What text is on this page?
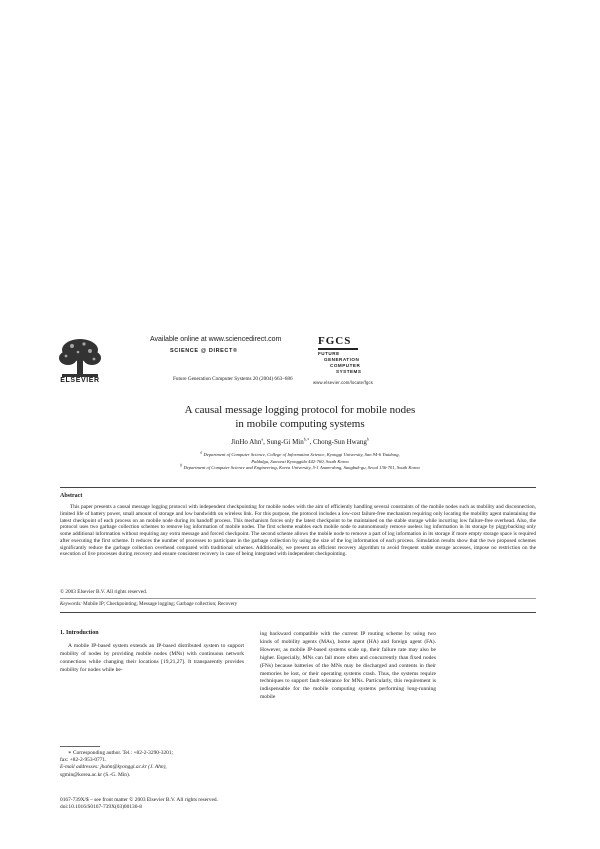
ELSEVIER
Available online at www.sciencedirect.com
SCIENCE @ DIRECT®
Future Generation Computer Systems 20 (2004) 663–686
FGCS
FUTURE
GENERATION
COMPUTER
SYSTEMS
www.elsevier.com/locate/fgcs
A causal message logging protocol for mobile nodes
in mobile computing systems
JinHo Ahn$^a$, Sung-Gi Min$^{b,∗}$, Chong-Sun Hwang$^b$
$^a$ Department of Computer Science, College of Information Science, Kyonggi University, San 94-6 Yiuidong,
Paldalgu, Suwonsi Kyonggido 442-760, South Korea
$^b$ Department of Computer Science and Engineering, Korea University, 5-1 Anam-dong, Sungbuk-gu, Seoul 136-701, South Korea
Abstract
This paper presents a causal message logging protocol with independent checkpointing for mobile nodes with the aim of efficiently handling several constraints of the mobile nodes such as mobility and disconnection, limited life of battery power, small amount of storage and low bandwidth on wireless link. For this purpose, the protocol includes a low-cost failure-free mechanism requiring only locating the mobility agent maintaining the latest checkpoint of each process on an mobile node during its handoff process. This mechanism forces only the latest checkpoint to be maintained on the stable storage while incurring low failure-free overhead. Also, the protocol uses two garbage collection schemes to remove log information of mobile nodes. The first scheme enables each mobile node to autonomously remove useless log information in its storage by piggybacking only some additional information without requiring any extra message and forced checkpoint. The second scheme allows the mobile node to remove a part of log information in its storage if more empty storage space is required after executing the first scheme. It reduces the number of processes to participate in the garbage collection by using the size of the log information of each process. Simulation results show that the two proposed schemes significantly reduce the garbage collection overhead compared with traditional schemes. Additionally, we present an efficient recovery algorithm to avoid frequent stable storage accesses, impose no restriction on the execution of live processes during recovery and ensure consistent recovery in case of being integrated with independent checkpointing.
© 2003 Elsevier B.V. All rights reserved.
Keywords: Mobile IP; Checkpointing; Message logging; Garbage collection; Recovery
1. Introduction
A mobile IP-based system extends an IP-based distributed system to support mobility of nodes by providing mobile nodes (MNs) with continuous network connections while changing their locations [19,21,27]. It transparently provides mobility for nodes while be-
ing backward compatible with the current IP routing scheme by using two kinds of mobility agents (MAs), home agent (HA) and foreign agent (FA). However, as mobile IP-based systems scale up, their failure rate may also be higher. Especially, MNs can fail more often and concurrently than fixed nodes (FNs) because batteries of the MNs may be discharged and contents in their memories be lost, or their operating systems crash. Thus, the systems require techniques to support fault-tolerance for MNs. Particularly, this requirement is indispensable for the mobile computing systems performing long-running mobile
∗ Corresponding author. Tel.: +82-2-3290-3201;
fax: +82-2-953-0771.
E-mail addresses: jhahn@kyonggi.ac.kr (J. Ahn),
sgmin@korea.ac.kr (S.-G. Min).
0167-739X/$ – see front matter © 2003 Elsevier B.V. All rights reserved.
doi:10.1016/S0167-739X(03)00130-8
